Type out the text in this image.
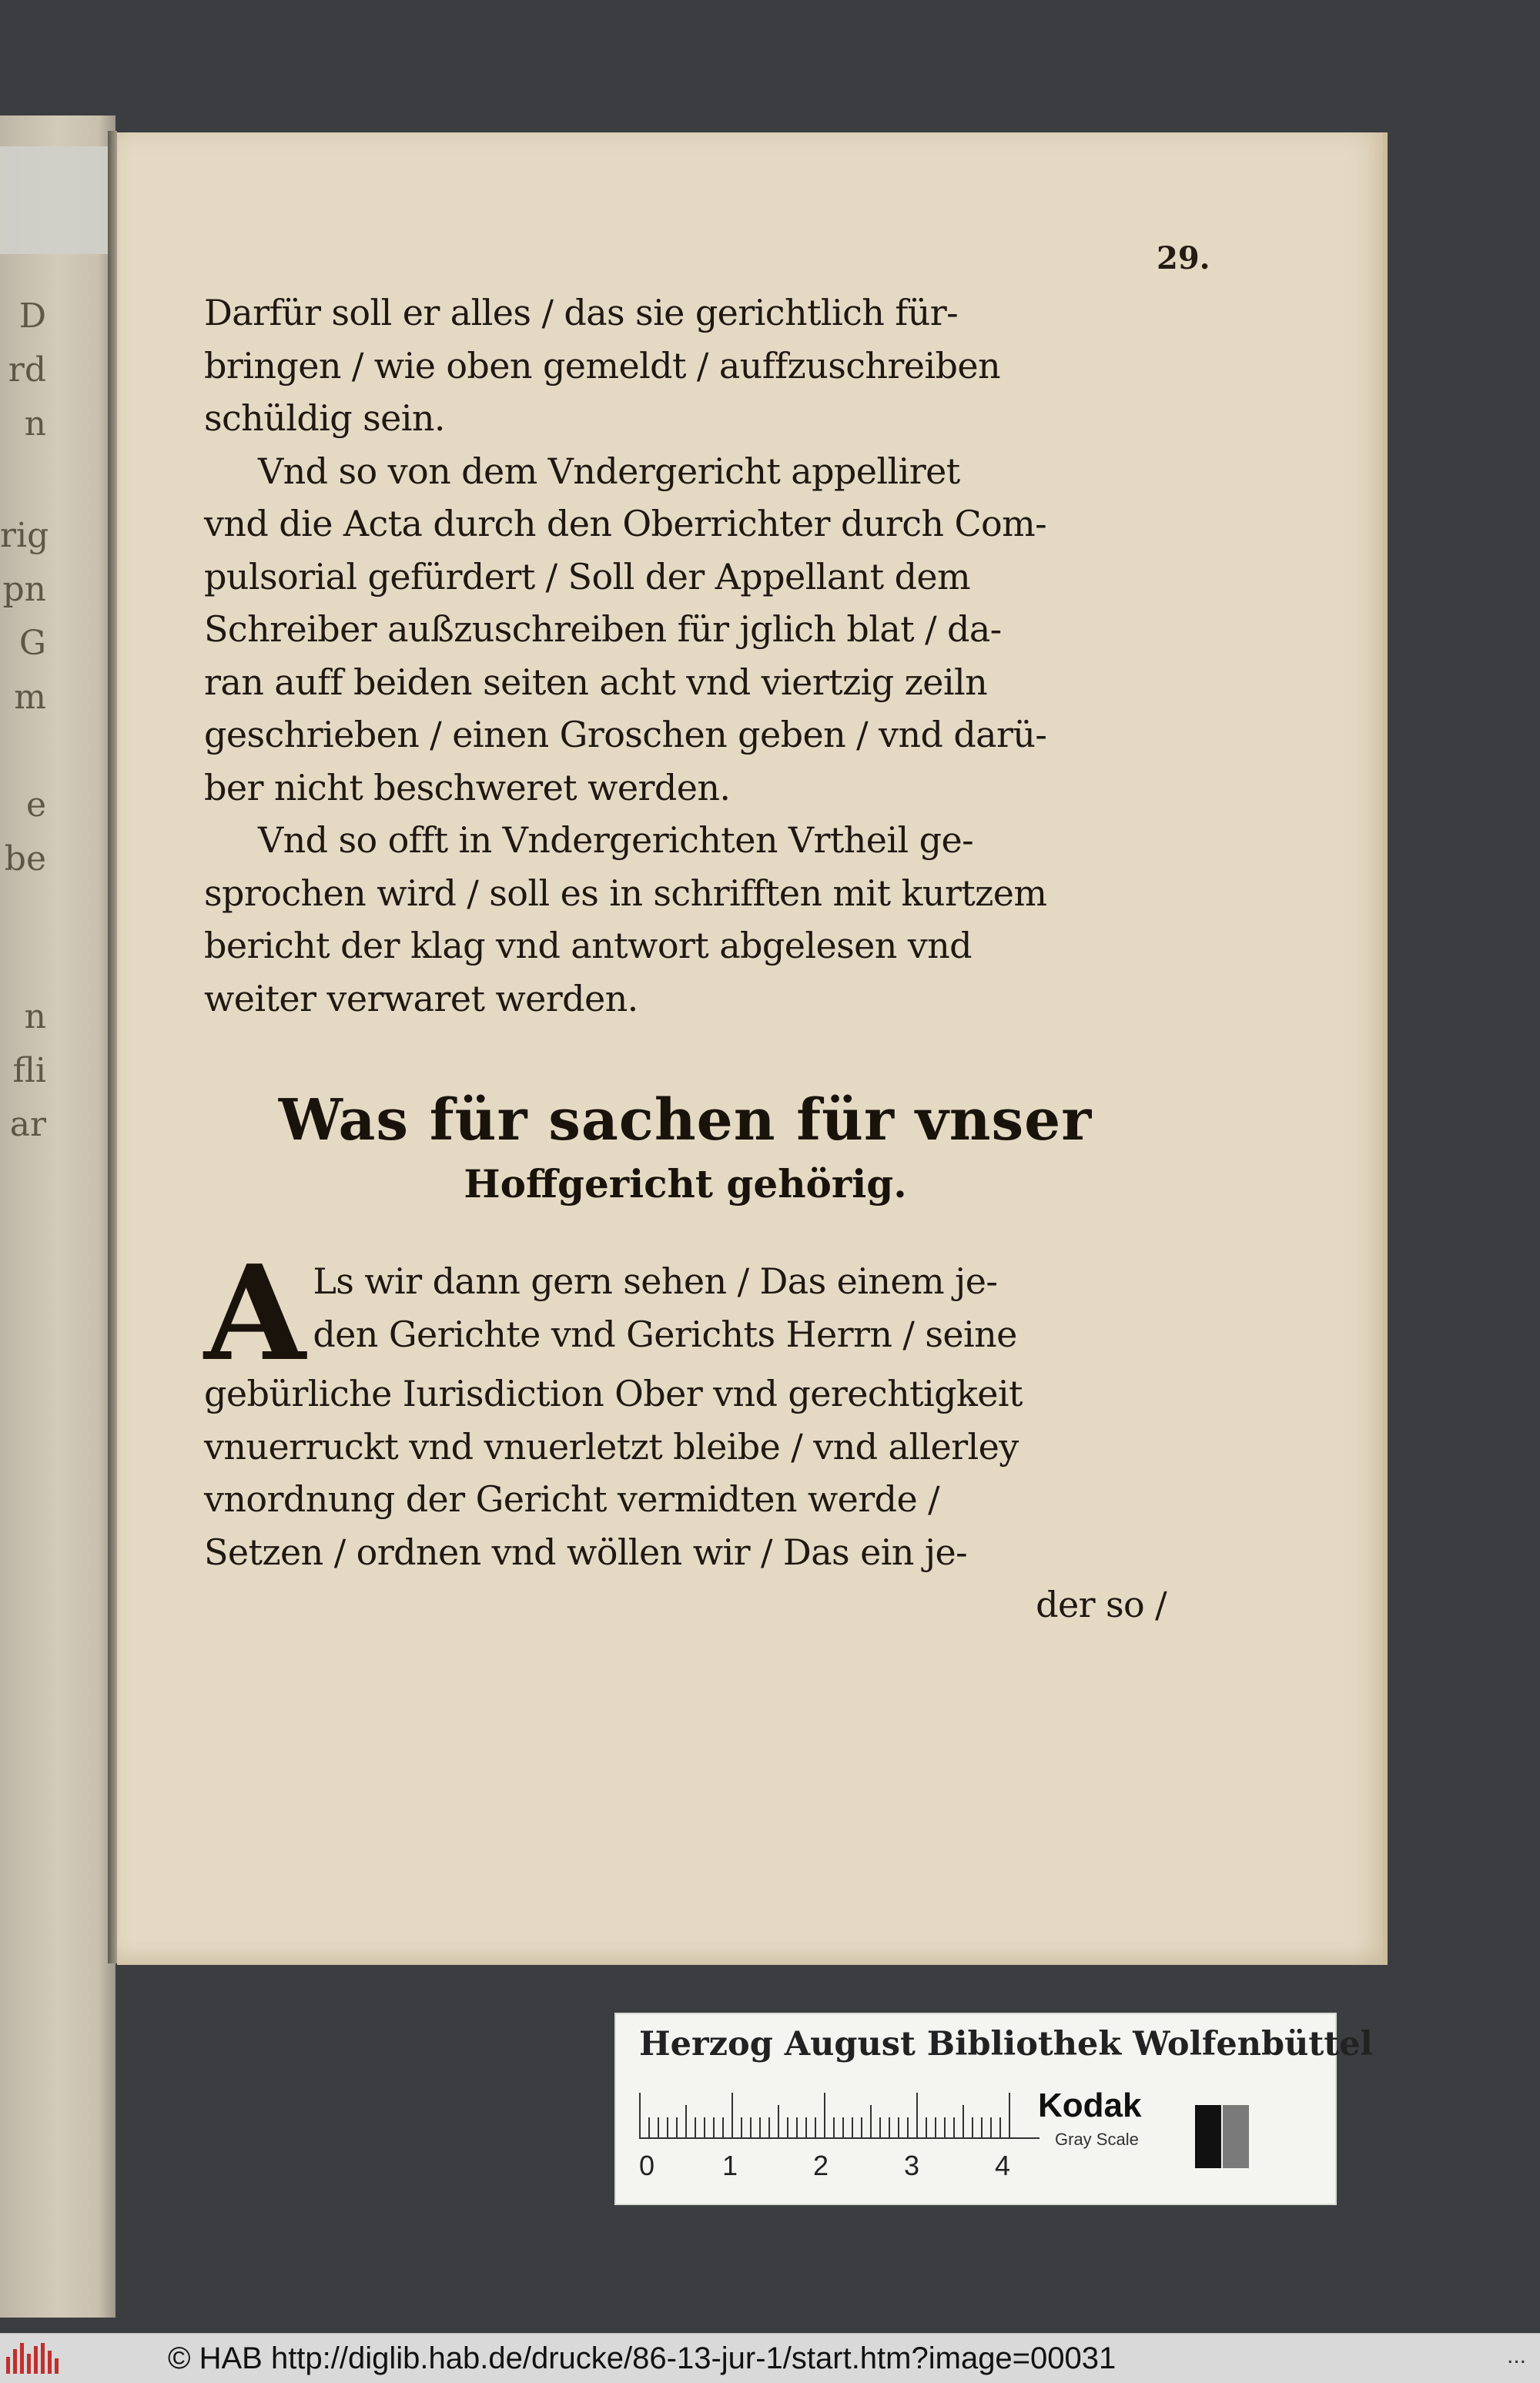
D
rd
n
rig
pn
G
m
e
be
n
fli
ar
29.
Darfür soll er alles / das sie gerichtlich für-
bringen / wie oben gemeldt / auffzuschreiben
schüldig sein.
Vnd so von dem Vndergericht appelliret
vnd die Acta durch den Oberrichter durch Com-
pulsorial gefürdert / Soll der Appellant dem
Schreiber außzuschreiben für jglich blat / da-
ran auff beiden seiten acht vnd viertzig zeiln
geschrieben / einen Groschen geben / vnd darü-
ber nicht beschweret werden.
Vnd so offt in Vndergerichten Vrtheil ge-
sprochen wird / soll es in schrifften mit kurtzem
bericht der klag vnd antwort abgelesen vnd
weiter verwaret werden.
Was für sachen für vnser
Hoffgericht gehörig.
A Ls wir dann gern sehen / Das einem je-
den Gerichte vnd Gerichts Herrn / seine
gebürliche Iurisdiction Ober vnd gerechtigkeit
vnuerruckt vnd vnuerletzt bleibe / vnd allerley
vnordnung der Gericht vermidten werde /
Setzen / ordnen vnd wöllen wir / Das ein je-
der so /
Herzog August Bibliothek Wolfenbüttel
0 1	2	3	4
Kodak
Gray Scale
© HAB http://diglib.hab.de/drucke/86-13-jur-1/start.htm?image=00031	...
